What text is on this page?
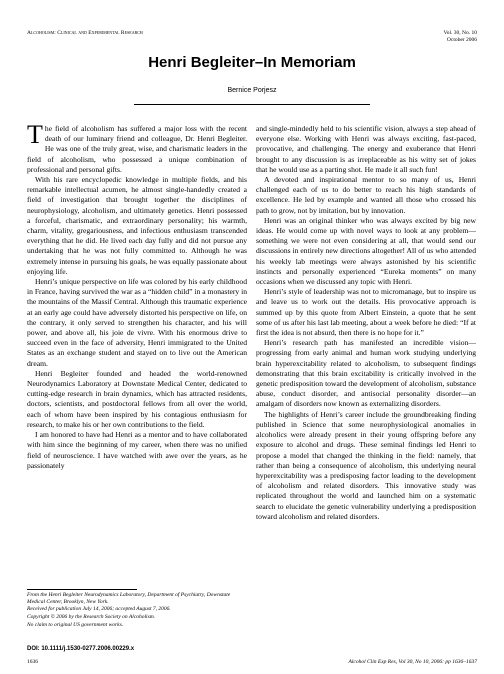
Alcoholism: Clinical and Experimental Research	Vol. 30, No. 10
October 2006
Henri Begleiter–In Memoriam
Bernice Porjesz

The field of alcoholism has suffered a major loss with the recent death of our luminary friend and colleague, Dr. Henri Begleiter. He was one of the truly great, wise, and charismatic leaders in the field of alcoholism, who possessed a unique combination of professional and personal gifts.

With his rare encyclopedic knowledge in multiple fields, and his remarkable intellectual acumen, he almost single-handedly created a field of investigation that brought together the disciplines of neurophysiology, alcoholism, and ultimately genetics. Henri possessed a forceful, charismatic, and extraordinary personality; his warmth, charm, vitality, gregariousness, and infectious enthusiasm transcended everything that he did. He lived each day fully and did not pursue any undertaking that he was not fully committed to. Although he was extremely intense in pursuing his goals, he was equally passionate about enjoying life.

Henri’s unique perspective on life was colored by his early childhood in France, having survived the war as a “hidden child” in a monastery in the mountains of the Massif Central. Although this traumatic experience at an early age could have adversely distorted his perspective on life, on the contrary, it only served to strengthen his character, and his will power, and above all, his joie de vivre. With his enormous drive to succeed even in the face of adversity, Henri immigrated to the United States as an exchange student and stayed on to live out the American dream.

Henri Begleiter founded and headed the world-renowned Neurodynamics Laboratory at Downstate Medical Center, dedicated to cutting-edge research in brain dynamics, which has attracted residents, doctors, scientists, and postdoctoral fellows from all over the world, each of whom have been inspired by his contagious enthusiasm for research, to make his or her own contributions to the field.

I am honored to have had Henri as a mentor and to have collaborated with him since the beginning of my career, when there was no unified field of neuroscience. I have watched with awe over the years, as he passionately

and single-mindedly held to his scientific vision, always a step ahead of everyone else. Working with Henri was always exciting, fast-paced, provocative, and challenging. The energy and exuberance that Henri brought to any discussion is as irreplaceable as his witty set of jokes that he would use as a parting shot. He made it all such fun!

A devoted and inspirational mentor to so many of us, Henri challenged each of us to do better to reach his high standards of excellence. He led by example and wanted all those who crossed his path to grow, not by imitation, but by innovation.

Henri was an original thinker who was always excited by big new ideas. He would come up with novel ways to look at any problem—something we were not even considering at all, that would send our discussions in entirely new directions altogether! All of us who attended his weekly lab meetings were always astonished by his scientific instincts and personally experienced “Eureka moments” on many occasions when we discussed any topic with Henri.

Henri’s style of leadership was not to micromanage, but to inspire us and leave us to work out the details. His provocative approach is summed up by this quote from Albert Einstein, a quote that he sent some of us after his last lab meeting, about a week before he died: “If at first the idea is not absurd, then there is no hope for it.”

Henri’s research path has manifested an incredible vision—progressing from early animal and human work studying underlying brain hyperexcitability related to alcoholism, to subsequent findings demonstrating that this brain excitability is critically involved in the genetic predisposition toward the development of alcoholism, substance abuse, conduct disorder, and antisocial personality disorder—an amalgam of disorders now known as externalizing disorders.

The highlights of Henri’s career include the groundbreaking finding published in Science that some neurophysiological anomalies in alcoholics were already present in their young offspring before any exposure to alcohol and drugs. These seminal findings led Henri to propose a model that changed the thinking in the field: namely, that rather than being a consequence of alcoholism, this underlying neural hyperexcitability was a predisposing factor leading to the development of alcoholism and related disorders. This innovative study was replicated throughout the world and launched him on a systematic search to elucidate the genetic vulnerability underlying a predisposition toward alcoholism and related disorders.

From the Henri Begleiter Neurodynamics Laboratory, Department of Psychiatry, Downstate Medical Center, Brooklyn, New York.
Received for publication July 14, 2006; accepted August 7, 2006.
Copyright © 2006 by the Research Society on Alcoholism.
No claim to original US government works.
DOI: 10.1111/j.1530-0277.2006.00229.x
1636	Alcohol Clin Exp Res, Vol 30, No 10, 2006: pp 1636–1637
